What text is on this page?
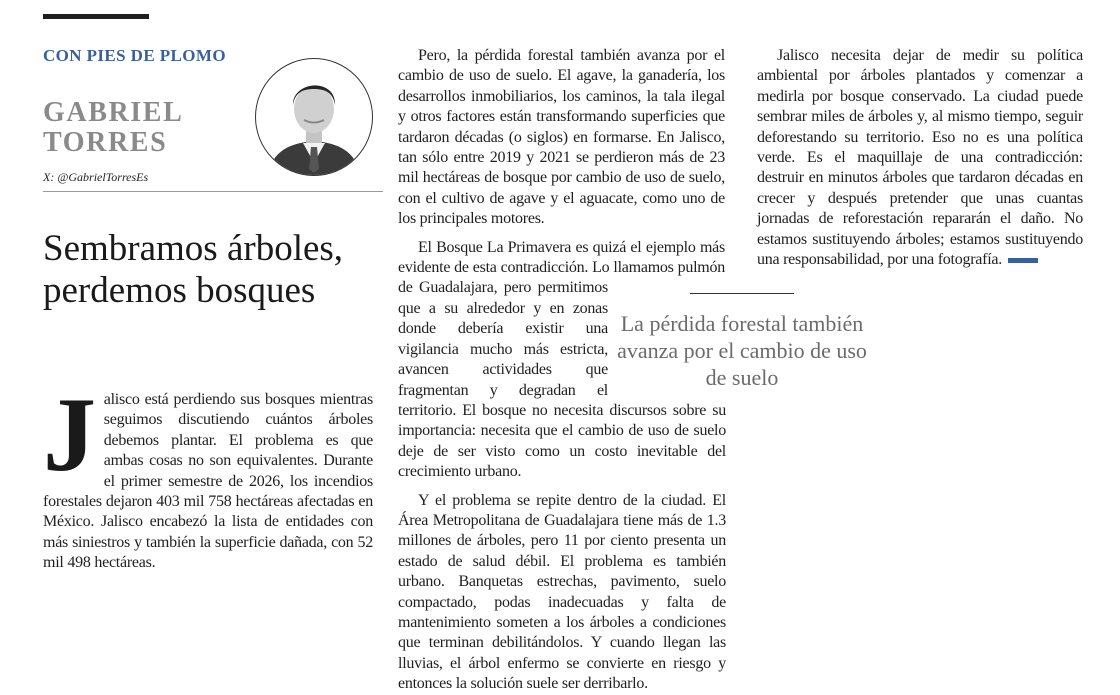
CON PIES DE PLOMO
GABRIEL
TORRES
X: @GabrielTorresEs
Sembramos árboles, perdemos bosques
J alisco está perdiendo sus bosques mientras seguimos discutiendo cuántos árboles debemos plantar. El problema es que ambas cosas no son equivalentes. Durante el primer semestre de 2026, los incendios forestales dejaron 403 mil 758 hectáreas afectadas en México. Jalisco encabezó la lista de entidades con más siniestros y también la superficie dañada, con 52 mil 498 hectáreas.

Pero, la pérdida forestal también avanza por el cambio de uso de suelo. El agave, la ganadería, los desarrollos inmobiliarios, los caminos, la tala ilegal y otros factores están transformando superficies que tardaron décadas (o siglos) en formarse. En Jalisco, tan sólo entre 2019 y 2021 se perdieron más de 23 mil hectáreas de bosque por cambio de uso de suelo, con el cultivo de agave y el aguacate, como uno de los principales motores.

El Bosque La Primavera es quizá el ejemplo más evidente de esta contradicción. Lo llamamos pulmón de Guadalajara, pero permitimos que a su alrededor y en zonas donde debería existir una vigilancia mucho más estricta, avancen actividades que fragmentan y degradan el territorio. El bosque no necesita discursos sobre su importancia: necesita que el cambio de uso de suelo deje de ser visto como un costo inevitable del crecimiento urbano.

Y el problema se repite dentro de la ciudad. El Área Metropolitana de Guadalajara tiene más de 1.3 millones de árboles, pero 11 por ciento presenta un estado de salud débil. El problema es también urbano. Banquetas estrechas, pavimento, suelo compactado, podas inadecuadas y falta de mantenimiento someten a los árboles a condiciones que terminan debilitándolos. Y cuando llegan las lluvias, el árbol enfermo se convierte en riesgo y entonces la solución suele ser derribarlo.

Jalisco necesita dejar de medir su política ambiental por árboles plantados y comenzar a medirla por bosque conservado. La ciudad puede sembrar miles de árboles y, al mismo tiempo, seguir deforestando su territorio. Eso no es una política verde. Es el maquillaje de una contradicción: destruir en minutos árboles que tardaron décadas en crecer y después pretender que unas cuantas jornadas de reforestación repararán el daño. No estamos sustituyendo árboles; estamos sustituyendo una responsabilidad, por una fotografía.

La pérdida forestal también avanza por el cambio de uso de suelo
